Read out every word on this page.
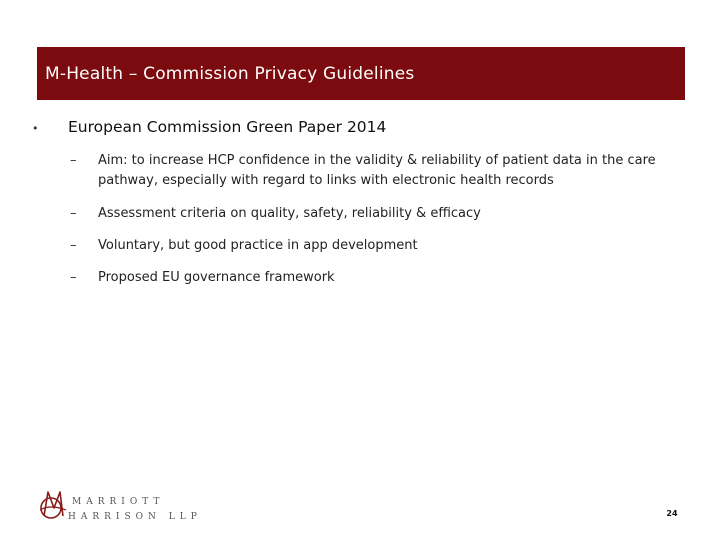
M-Health – Commission Privacy Guidelines
•	European Commission Green Paper 2014
–	Aim: to increase HCP confidence in the validity & reliability of patient data in the care pathway, especially with regard to links with electronic health records
–	Assessment criteria on quality, safety, reliability & efficacy
–	Voluntary, but good practice in app development
–	Proposed EU governance framework
MARRIOTT
HARRISON LLP	24
